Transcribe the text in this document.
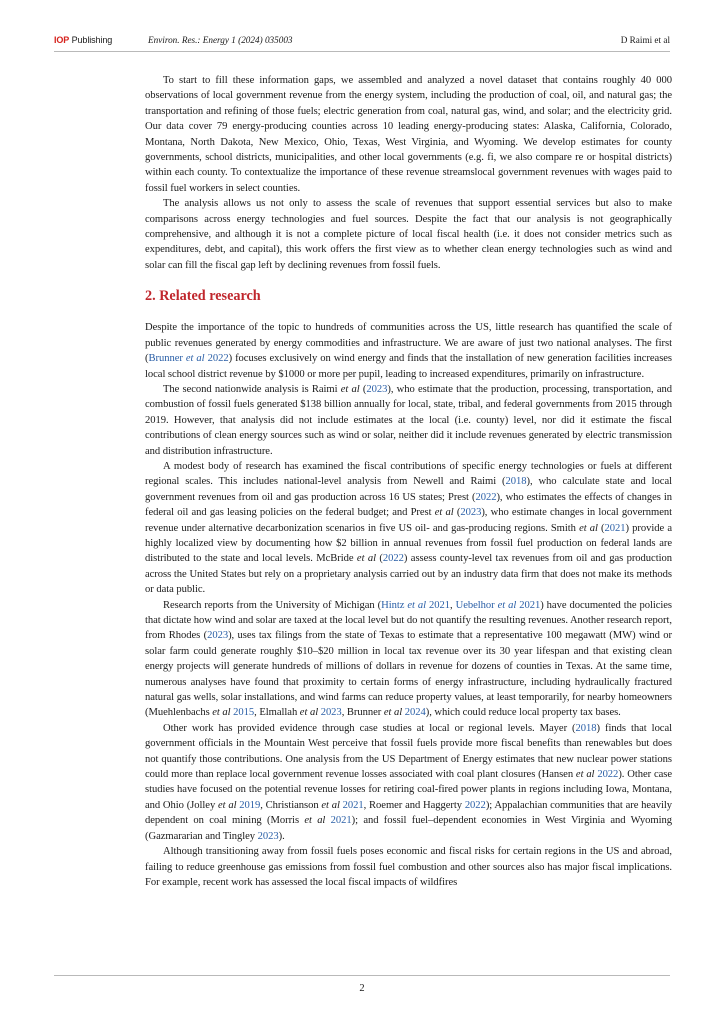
IOP Publishing	Environ. Res.: Energy 1 (2024) 035003	D Raimi et al

To start to fill these information gaps, we assembled and analyzed a novel dataset that contains roughly 40 000 observations of local government revenue from the energy system, including the production of coal, oil, and natural gas; the transportation and refining of those fuels; electric generation from coal, natural gas, wind, and solar; and the electricity grid. Our data cover 79 energy-producing counties across 10 leading energy-producing states: Alaska, California, Colorado, Montana, North Dakota, New Mexico, Ohio, Texas, West Virginia, and Wyoming. We develop estimates for county governments, school districts, municipalities, and other local governments (e.g. fi, we also compare re or hospital districts) within each county. To contextualize the importance of these revenue streamslocal government revenues with wages paid to fossil fuel workers in select counties.

The analysis allows us not only to assess the scale of revenues that support essential services but also to make comparisons across energy technologies and fuel sources. Despite the fact that our analysis is not geographically comprehensive, and although it is not a complete picture of local fiscal health (i.e. it does not consider metrics such as expenditures, debt, and capital), this work offers the first view as to whether clean energy technologies such as wind and solar can fill the fiscal gap left by declining revenues from fossil fuels.

2. Related research

Despite the importance of the topic to hundreds of communities across the US, little research has quantified the scale of public revenues generated by energy commodities and infrastructure. We are aware of just two national analyses. The first (Brunner et al 2022) focuses exclusively on wind energy and finds that the installation of new generation facilities increases local school district revenue by $1000 or more per pupil, leading to increased expenditures, primarily on infrastructure.

The second nationwide analysis is Raimi et al (2023), who estimate that the production, processing, transportation, and combustion of fossil fuels generated $138 billion annually for local, state, tribal, and federal governments from 2015 through 2019. However, that analysis did not include estimates at the local (i.e. county) level, nor did it estimate the fiscal contributions of clean energy sources such as wind or solar, neither did it include revenues generated by electric transmission and distribution infrastructure.

A modest body of research has examined the fiscal contributions of specific energy technologies or fuels at different regional scales. This includes national-level analysis from Newell and Raimi (2018), who calculate state and local government revenues from oil and gas production across 16 US states; Prest (2022), who estimates the effects of changes in federal oil and gas leasing policies on the federal budget; and Prest et al (2023), who estimate changes in local government revenue under alternative decarbonization scenarios in five US oil- and gas-producing regions. Smith et al (2021) provide a highly localized view by documenting how $2 billion in annual revenues from fossil fuel production on federal lands are distributed to the state and local levels. McBride et al (2022) assess county-level tax revenues from oil and gas production across the United States but rely on a proprietary analysis carried out by an industry data firm that does not make its methods or data public.

Research reports from the University of Michigan (Hintz et al 2021, Uebelhor et al 2021) have documented the policies that dictate how wind and solar are taxed at the local level but do not quantify the resulting revenues. Another research report, from Rhodes (2023), uses tax filings from the state of Texas to estimate that a representative 100 megawatt (MW) wind or solar farm could generate roughly $10–$20 million in local tax revenue over its 30 year lifespan and that existing clean energy projects will generate hundreds of millions of dollars in revenue for dozens of counties in Texas. At the same time, numerous analyses have found that proximity to certain forms of energy infrastructure, including hydraulically fractured natural gas wells, solar installations, and wind farms can reduce property values, at least temporarily, for nearby homeowners (Muehlenbachs et al 2015, Elmallah et al 2023, Brunner et al 2024), which could reduce local property tax bases.

Other work has provided evidence through case studies at local or regional levels. Mayer (2018) finds that local government officials in the Mountain West perceive that fossil fuels provide more fiscal benefits than renewables but does not quantify those contributions. One analysis from the US Department of Energy estimates that new nuclear power stations could more than replace local government revenue losses associated with coal plant closures (Hansen et al 2022). Other case studies have focused on the potential revenue losses for retiring coal-fired power plants in regions including Iowa, Montana, and Ohio (Jolley et al 2019, Christianson et al 2021, Roemer and Haggerty 2022); Appalachian communities that are heavily dependent on coal mining (Morris et al 2021); and fossil fuel–dependent economies in West Virginia and Wyoming (Gazmararian and Tingley 2023).

Although transitioning away from fossil fuels poses economic and fiscal risks for certain regions in the US and abroad, failing to reduce greenhouse gas emissions from fossil fuel combustion and other sources also has major fiscal implications. For example, recent work has assessed the local fiscal impacts of wildfires

2
